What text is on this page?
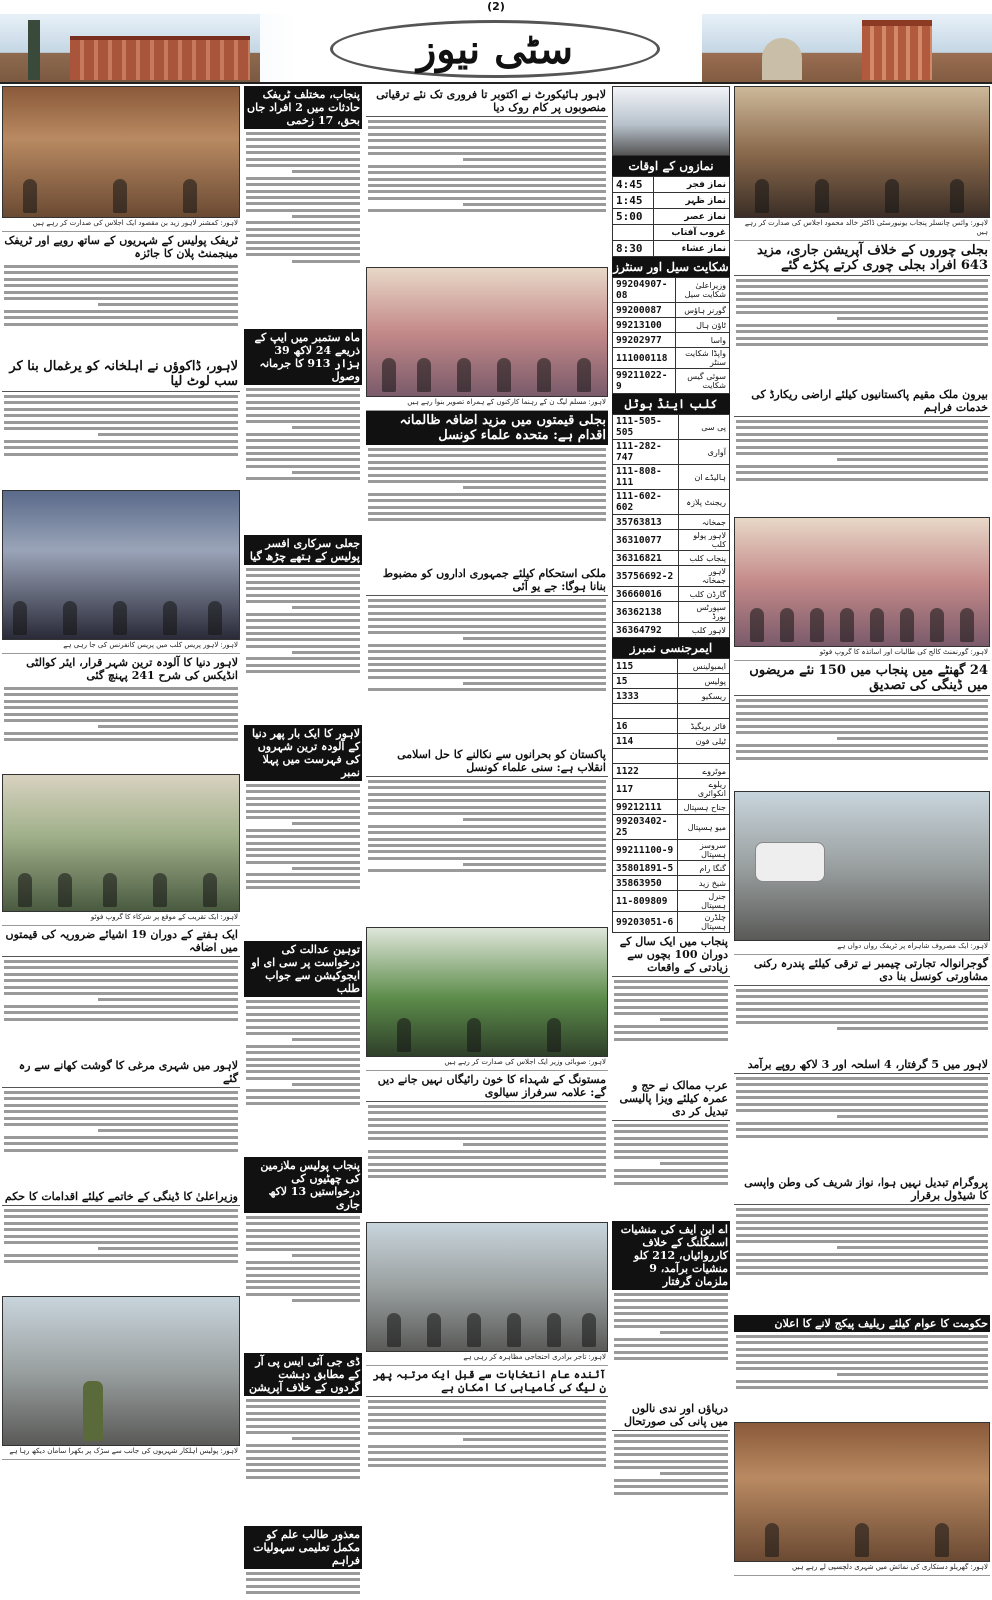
(2)
سٹی نیوز
لاہور: کمشنر لاہور زید بن مقصود ایک اجلاس کی صدارت کر رہے ہیں
ٹریفک پولیس کے شہریوں کے ساتھ رویے اور ٹریفک مینجمنٹ پلان کا جائزہ
لاہور، ڈاکوؤں نے اہلخانہ کو یرغمال بنا کر سب لوٹ لیا
لاہور: لاہور پریس کلب میں پریس کانفرنس کی جا رہی ہے
لاہور دنیا کا آلودہ ترین شہر قرار، ایئر کوالٹی انڈیکس کی شرح 241 پہنچ گئی
لاہور: ایک تقریب کے موقع پر شرکاء کا گروپ فوٹو
ایک ہفتے کے دوران 19 اشیائے ضروریہ کی قیمتوں میں اضافہ
لاہور میں شہری مرغی کا گوشت کھانے سے رہ گئے
وزیراعلیٰ کا ڈینگی کے خاتمے کیلئے اقدامات کا حکم
لاہور: پولیس اہلکار شہریوں کی جانب سے سڑک پر بکھرا سامان دیکھ رہا ہے
پنجاب، مختلف ٹریفک حادثات میں 2 افراد جاں بحق، 17 زخمی
ماہ ستمبر میں ایپ کے ذریعے 24 لاکھ 39 ہزار 913 کا جرمانہ وصول
جعلی سرکاری افسر پولیس کے ہتھے چڑھ گیا
لاہور کا ایک بار پھر دنیا کے آلودہ ترین شہروں کی فہرست میں پہلا نمبر
توہین عدالت کی درخواست پر سی ای او ایجوکیشن سے جواب طلب
پنجاب پولیس ملازمین کی چھٹیوں کی درخواستیں 13 لاکھ جاری
ڈی جی آئی ایس پی آر کے مطابق دہشت گردوں کے خلاف آپریشن
معذور طالب علم کو مکمل تعلیمی سہولیات فراہم
لاہور ہائیکورٹ نے اکتوبر تا فروری تک نئے ترقیاتی منصوبوں پر کام روک دیا
لاہور: مسلم لیگ ن کے رہنما کارکنوں کے ہمراہ تصویر بنوا رہے ہیں
بجلی قیمتوں میں مزید اضافہ ظالمانہ اقدام ہے: متحدہ علماء کونسل
ملکی استحکام کیلئے جمہوری اداروں کو مضبوط بنانا ہوگا: جے یو آئی
پاکستان کو بحرانوں سے نکالنے کا حل اسلامی انقلاب ہے: سنی علماء کونسل
لاہور: صوبائی وزیر ایک اجلاس کی صدارت کر رہے ہیں
مستونگ کے شہداء کا خون رائیگاں نہیں جانے دیں گے: علامہ سرفراز سیالوی
لاہور: تاجر برادری احتجاجی مظاہرہ کر رہی ہے
آئندہ عام انتخابات سے قبل ایک مرتبہ پھر ن لیگ کی کامیابی کا امکان ہے
نمازوں کے اوقات
4:45	نماز فجر
1:45	نماز ظہر
5:00	نماز عصر
	غروب آفتاب
8:30	نماز عشاء
شکایت سیل اور سنٹرز
99204907-08	وزیراعلیٰ شکایت سیل
99200087	گورنر ہاؤس
99213100	ٹاؤن ہال
99202977	واسا
111000118	واپڈا شکایت سنٹر
99211022-9	سوئی گیس شکایت
کلب اینڈ ہوٹل
111-505-505	پی سی
111-282-747	آواری
111-808-111	ہالیڈے ان
111-602-602	ریجنٹ پلازہ
35763813	جمخانہ
36310077	لاہور پولو کلب
36316821	پنجاب کلب
35756692-2	لاہور جمخانہ
36660016	گارڈن کلب
36362138	سپورٹس بورڈ
36364792	لاہور کلب
ایمرجنسی نمبرز
115	ایمبولینس
15	پولیس
1333	ریسکیو

16	فائر بریگیڈ
114	ٹیلی فون

1122	موٹروے
117	ریلوے انکوائری
99212111	جناح ہسپتال
99203402-25	میو ہسپتال
99211100-9	سروسز ہسپتال
35801891-5	گنگا رام
35863950	شیخ زید
11-809809	جنرل ہسپتال
99203051-6	چلڈرن ہسپتال
پنجاب میں ایک سال کے دوران 100 بچوں سے زیادتی کے واقعات
عرب ممالک نے حج و عمرہ کیلئے ویزا پالیسی تبدیل کر دی
اے این ایف کی منشیات اسمگلنگ کے خلاف کارروائیاں، 212 کلو منشیات برآمد، 9 ملزمان گرفتار
دریاؤں اور ندی نالوں میں پانی کی صورتحال
لاہور: وائس چانسلر پنجاب یونیورسٹی ڈاکٹر خالد محمود اجلاس کی صدارت کر رہے ہیں
بجلی چوروں کے خلاف آپریشن جاری، مزید 643 افراد بجلی چوری کرتے پکڑے گئے
بیرون ملک مقیم پاکستانیوں کیلئے اراضی ریکارڈ کی خدمات فراہم
لاہور: گورنمنٹ کالج کی طالبات اور اساتذہ کا گروپ فوٹو
24 گھنٹے میں پنجاب میں 150 نئے مریضوں میں ڈینگی کی تصدیق
لاہور: ایک مصروف شاہراہ پر ٹریفک رواں دواں ہے
گوجرانوالہ تجارتی چیمبر نے ترقی کیلئے پندرہ رکنی مشاورتی کونسل بنا دی
لاہور میں 5 گرفتار، 4 اسلحہ اور 3 لاکھ روپے برآمد
پروگرام تبدیل نہیں ہوا، نواز شریف کی وطن واپسی کا شیڈول برقرار
حکومت کا عوام کیلئے ریلیف پیکج لانے کا اعلان
لاہور: گھریلو دستکاری کی نمائش میں شہری دلچسپی لے رہے ہیں
